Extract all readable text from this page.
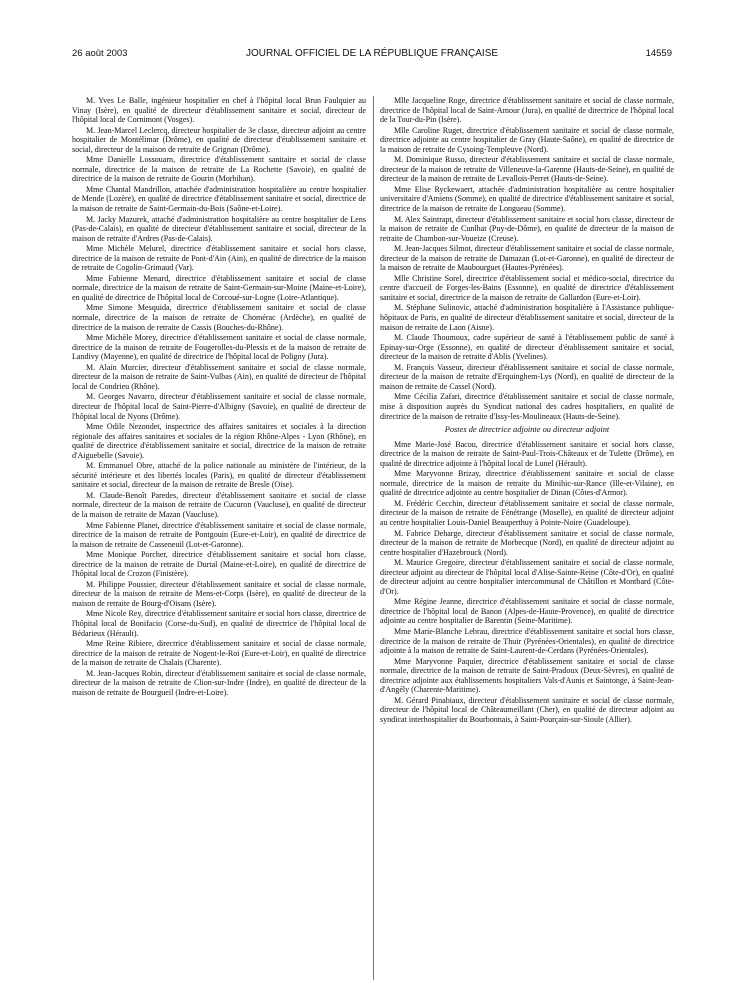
26 août 2003	JOURNAL OFFICIEL DE LA RÉPUBLIQUE FRANÇAISE	14559

M. Yves Le Balle, ingénieur hospitalier en chef à l'hôpital local Brun Faulquier au Vinay (Isère), en qualité de directeur d'établissement sanitaire et social, directeur de l'hôpital local de Cornimont (Vosges).

M. Jean-Marcel Leclercq, directeur hospitalier de 3e classe, directeur adjoint au centre hospitalier de Montélimar (Drôme), en qualité de directeur d'établissement sanitaire et social, directeur de la maison de retraite de Grignan (Drôme).

Mme Danielle Lossouarn, directrice d'établissement sanitaire et social de classe normale, directrice de la maison de retraite de La Rochette (Savoie), en qualité de directrice de la maison de retraite de Gourin (Morbihan).

Mme Chantal Mandrillon, attachée d'administration hospitalière au centre hospitalier de Mende (Lozère), en qualité de directrice d'établissement sanitaire et social, directrice de la maison de retraite de Saint-Germain-du-Bois (Saône-et-Loire).

M. Jacky Mazurek, attaché d'administration hospitalière au centre hospitalier de Lens (Pas-de-Calais), en qualité de directeur d'établissement sanitaire et social, directeur de la maison de retraite d'Ardres (Pas-de-Calais).

Mme Michèle Melurel, directrice d'établissement sanitaire et social hors classe, directrice de la maison de retraite de Pont-d'Ain (Ain), en qualité de directrice de la maison de retraite de Cogolin-Grimaud (Var).

Mme Fabienne Menard, directrice d'établissement sanitaire et social de classe normale, directrice de la maison de retraite de Saint-Germain-sur-Moine (Maine-et-Loire), en qualité de directrice de l'hôpital local de Corcoué-sur-Logne (Loire-Atlantique).

Mme Simone Mesquida, directrice d'établissement sanitaire et social de classe normale, directrice de la maison de retraite de Chomérac (Ardèche), en qualité de directrice de la maison de retraite de Cassis (Bouches-du-Rhône).

Mme Michèle Morey, directrice d'établissement sanitaire et social de classe normale, directrice de la maison de retraite de Fougerolles-du-Plessis et de la maison de retraite de Landivy (Mayenne), en qualité de directrice de l'hôpital local de Poligny (Jura).

M. Alain Murcier, directeur d'établissement sanitaire et social de classe normale, directeur de la maison de retraite de Saint-Vulbas (Ain), en qualité de directeur de l'hôpital local de Condrieu (Rhône).

M. Georges Navarro, directeur d'établissement sanitaire et social de classe normale, directeur de l'hôpital local de Saint-Pierre-d'Albigny (Savoie), en qualité de directeur de l'hôpital local de Nyons (Drôme).

Mme Odile Nezondet, inspectrice des affaires sanitaires et sociales à la direction régionale des affaires sanitaires et sociales de la région Rhône-Alpes - Lyon (Rhône), en qualité de directrice d'établissement sanitaire et social, directrice de la maison de retraite d'Aiguebelle (Savoie).

M. Emmanuel Obre, attaché de la police nationale au ministère de l'intérieur, de la sécurité intérieure et des libertés locales (Paris), en qualité de directeur d'établissement sanitaire et social, directeur de la maison de retraite de Bresle (Oise).

M. Claude-Benoît Paredes, directeur d'établissement sanitaire et social de classe normale, directeur de la maison de retraite de Cucuron (Vaucluse), en qualité de directeur de la maison de retraite de Mazan (Vaucluse).

Mme Fabienne Planet, directrice d'établissement sanitaire et social de classe normale, directrice de la maison de retraite de Pontgouin (Eure-et-Loir), en qualité de directrice de la maison de retraite de Casseneuil (Lot-et-Garonne).

Mme Monique Porcher, directrice d'établissement sanitaire et social hors classe, directrice de la maison de retraite de Durtal (Maine-et-Loire), en qualité de directrice de l'hôpital local de Crozon (Finistère).

M. Philippe Poussier, directeur d'établissement sanitaire et social de classe normale, directeur de la maison de retraite de Mens-et-Corps (Isère), en qualité de directeur de la maison de retraite de Bourg-d'Oisans (Isère).

Mme Nicole Rey, directrice d'établissement sanitaire et social hors classe, directrice de l'hôpital local de Bonifacio (Corse-du-Sud), en qualité de directrice de l'hôpital local de Bédarieux (Hérault).

Mme Reine Ribiere, directrice d'établissement sanitaire et social de classe normale, directrice de la maison de retraite de Nogent-le-Roi (Eure-et-Loir), en qualité de directrice de la maison de retraite de Chalais (Charente).

M. Jean-Jacques Robin, directeur d'établissement sanitaire et social de classe normale, directeur de la maison de retraite de Clion-sur-Indre (Indre), en qualité de directeur de la maison de retraite de Bourgueil (Indre-et-Loire).

Mlle Jacqueline Roge, directrice d'établissement sanitaire et social de classe normale, directrice de l'hôpital local de Saint-Amour (Jura), en qualité de directrice de l'hôpital local de la Tour-du-Pin (Isère).

Mlle Caroline Ruget, directrice d'établissement sanitaire et social de classe normale, directrice adjointe au centre hospitalier de Gray (Haute-Saône), en qualité de directrice de la maison de retraite de Cysoing-Templeuve (Nord).

M. Dominique Russo, directeur d'établissement sanitaire et social de classe normale, directeur de la maison de retraite de Villeneuve-la-Garenne (Hauts-de-Seine), en qualité de directeur de la maison de retraite de Levallois-Perret (Hauts-de-Seine).

Mme Elise Ryckewaert, attachée d'administration hospitalière au centre hospitalier universitaire d'Amiens (Somme), en qualité de directrice d'établissement sanitaire et social, directrice de la maison de retraite de Longueau (Somme).

M. Alex Saintrapt, directeur d'établissement sanitaire et social hors classe, directeur de la maison de retraite de Cunlhat (Puy-de-Dôme), en qualité de directeur de la maison de retraite de Chambon-sur-Voueize (Creuse).

M. Jean-Jacques Silmot, directeur d'établissement sanitaire et social de classe normale, directeur de la maison de retraite de Damazan (Lot-et-Garonne), en qualité de directeur de la maison de retraite de Maubourguet (Hautes-Pyrénées).

Mlle Christine Sorel, directrice d'établissement social et médico-social, directrice du centre d'accueil de Forges-les-Bains (Essonne), en qualité de directrice d'établissement sanitaire et social, directrice de la maison de retraite de Gallardon (Eure-et-Loir).

M. Stéphane Sulinovic, attaché d'administration hospitalière à l'Assistance publique-hôpitaux de Paris, en qualité de directeur d'établissement sanitaire et social, directeur de la maison de retraite de Laon (Aisne).

M. Claude Thoumoux, cadre supérieur de santé à l'établissement public de santé à Epinay-sur-Orge (Essonne), en qualité de directeur d'établissement sanitaire et social, directeur de la maison de retraite d'Ablis (Yvelines).

M. François Vasseur, directeur d'établissement sanitaire et social de classe normale, directeur de la maison de retraite d'Erquinghem-Lys (Nord), en qualité de directeur de la maison de retraite de Cassel (Nord).

Mme Cécilia Zafari, directrice d'établissement sanitaire et social de classe normale, mise à disposition auprès du Syndicat national des cadres hospitaliers, en qualité de directrice de la maison de retraite d'Issy-les-Moulineaux (Hauts-de-Seine).

Postes de directrice adjointe ou directeur adjoint

Mme Marie-José Bacou, directrice d'établissement sanitaire et social hors classe, directrice de la maison de retraite de Saint-Paul-Trois-Châteaux et de Tulette (Drôme), en qualité de directrice adjointe à l'hôpital local de Lunel (Hérault).

Mme Maryvonne Brizay, directrice d'établissement sanitaire et social de classe normale, directrice de la maison de retraite du Minihic-sur-Rance (Ille-et-Vilaine), en qualité de directrice adjointe au centre hospitalier de Dinan (Côtes-d'Armor).

M. Frédéric Cecchin, directeur d'établissement sanitaire et social de classe normale, directeur de la maison de retraite de Fénétrange (Moselle), en qualité de directeur adjoint au centre hospitalier Louis-Daniel Beauperthuy à Pointe-Noire (Guadeloupe).

M. Fabrice Deharge, directeur d'établissement sanitaire et social de classe normale, directeur de la maison de retraite de Morbecque (Nord), en qualité de directeur adjoint au centre hospitalier d'Hazebrouck (Nord).

M. Maurice Gregoire, directeur d'établissement sanitaire et social de classe normale, directeur adjoint au directeur de l'hôpital local d'Alise-Sainte-Reine (Côte-d'Or), en qualité de directeur adjoint au centre hospitalier intercommunal de Châtillon et Montbard (Côte-d'Or).

Mme Régine Jeanne, directrice d'établissement sanitaire et social de classe normale, directrice de l'hôpital local de Banon (Alpes-de-Haute-Provence), en qualité de directrice adjointe au centre hospitalier de Barentin (Seine-Maritime).

Mme Marie-Blanche Lebrau, directrice d'établissement sanitaire et social hors classe, directrice de la maison de retraite de Thuir (Pyrénées-Orientales), en qualité de directrice adjointe à la maison de retraite de Saint-Laurent-de-Cerdans (Pyrénées-Orientales).

Mme Maryvonne Paquier, directrice d'établissement sanitaire et social de classe normale, directrice de la maison de retraite de Saint-Pradoux (Deux-Sèvres), en qualité de directrice adjointe aux établissements hospitaliers Vals-d'Aunis et Saintonge, à Saint-Jean-d'Angély (Charente-Maritime).

M. Gérard Pinabiaux, directeur d'établissement sanitaire et social de classe normale, directeur de l'hôpital local de Châteaumeillant (Cher), en qualité de directeur adjoint au syndicat interhospitalier du Bourbonnais, à Saint-Pourçain-sur-Sioule (Allier).
